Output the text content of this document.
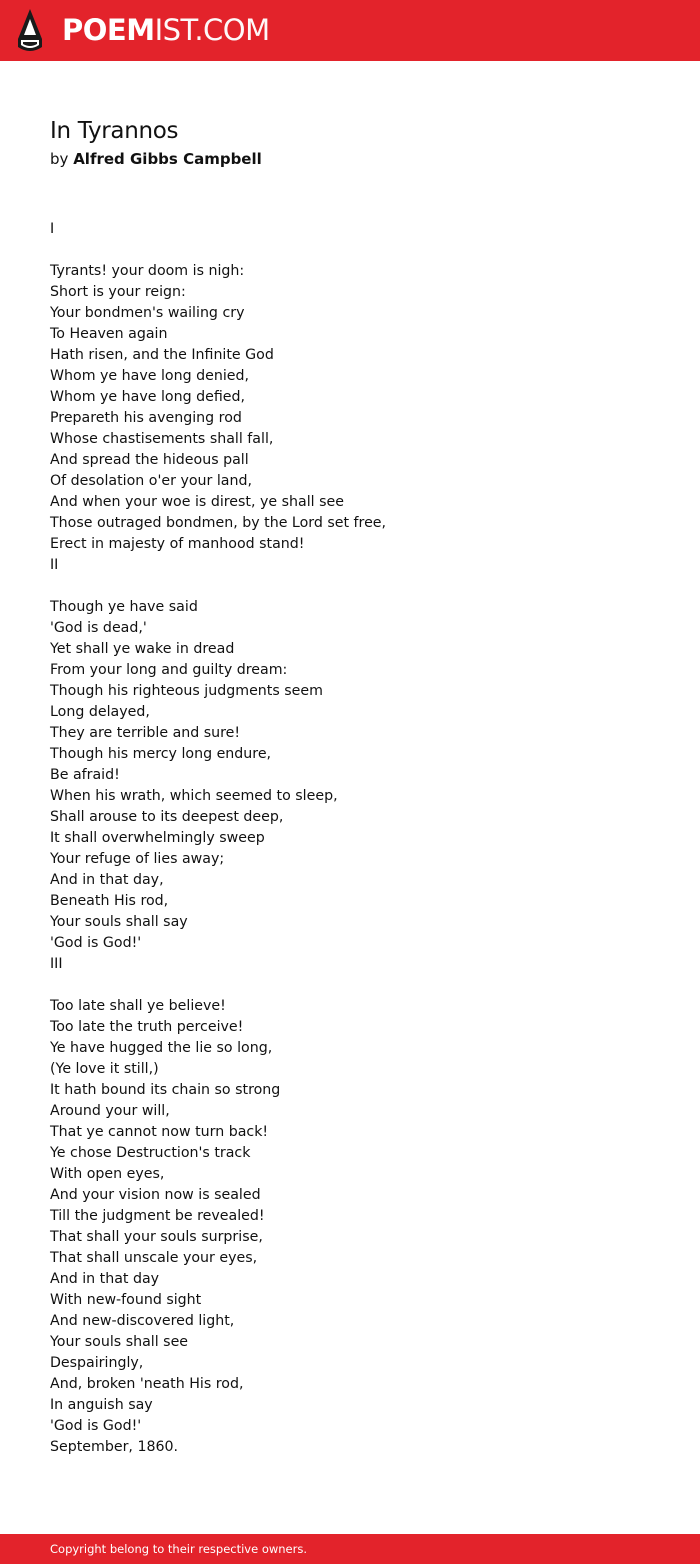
POEMIST.COM
In Tyrannos
by Alfred Gibbs Campbell
I
Tyrants! your doom is nigh:
Short is your reign:
Your bondmen's wailing cry
To Heaven again
Hath risen, and the Infinite God
Whom ye have long denied,
Whom ye have long defied,
Prepareth his avenging rod
Whose chastisements shall fall,
And spread the hideous pall
Of desolation o'er your land,
And when your woe is direst, ye shall see
Those outraged bondmen, by the Lord set free,
Erect in majesty of manhood stand!
II
Though ye have said
'God is dead,'
Yet shall ye wake in dread
From your long and guilty dream:
Though his righteous judgments seem
Long delayed,
They are terrible and sure!
Though his mercy long endure,
Be afraid!
When his wrath, which seemed to sleep,
Shall arouse to its deepest deep,
It shall overwhelmingly sweep
Your refuge of lies away;
And in that day,
Beneath His rod,
Your souls shall say
'God is God!'
III
Too late shall ye believe!
Too late the truth perceive!
Ye have hugged the lie so long,
(Ye love it still,)
It hath bound its chain so strong
Around your will,
That ye cannot now turn back!
Ye chose Destruction's track
With open eyes,
And your vision now is sealed
Till the judgment be revealed!
That shall your souls surprise,
That shall unscale your eyes,
And in that day
With new-found sight
And new-discovered light,
Your souls shall see
Despairingly,
And, broken 'neath His rod,
In anguish say
'God is God!'
September, 1860.
Copyright belong to their respective owners.
